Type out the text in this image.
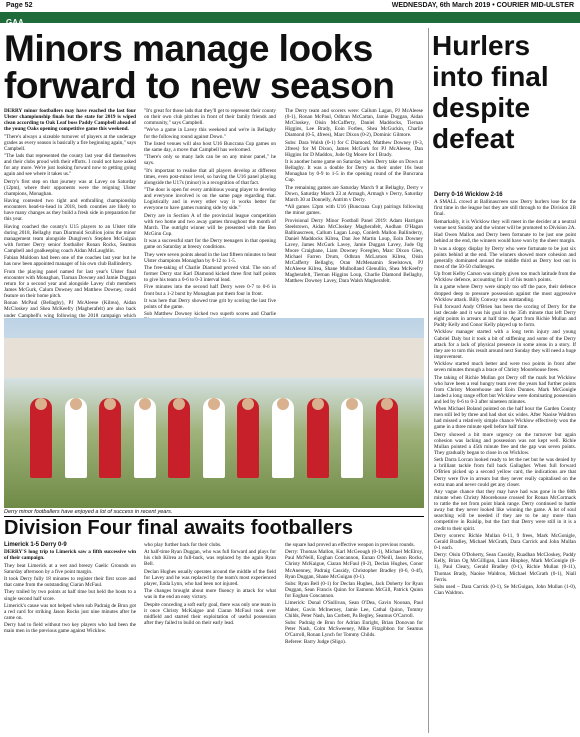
Page 52	WEDNESDAY, 6th March 2019 • COURIER MID-ULSTER
GAA
Minors manage looks forward to new season

DERRY minor footballers may have reached the last four Ulster championship finals but the state for 2019 is wiped clean according to Oak Leaf boss Paddy Campbell ahead of the young Oaks opening competitive game this weekend.

"There's always a sizeable turnover of players at the underage grades as every season is basically a fire beginning again," says Campbell.

"The lads that represented the county last year did themselves and their clubs proud with their efforts. I could not have asked for any more. We're just looking forward now to getting going again and see where it takes us."

Derry's first step on that journey was at Lavey on Saturday (12pm), where their opponents were the reigning Ulster champions, Monaghan.

Having contested two tight and enthralling championship encounters head-to-head in 2018, both counties are likely to have many changes as they build a fresh side in preparation for this year.

Having coached the county's U15 players to an Ulster title during 2018, Bellaghy man Diarmuid Scullion joins the minor management team alongside Dungiven's Stephen McGuigan with former Derry senior footballer Ronan Rocks, Seamus Campbell and goalkeeping coach Aidan McLaughlin.

Fabian Muldoon had been one of the coaches last year but he has now been appointed manager of his own club Ballinderry.

From the playing panel named for last year's Ulster final encounter with Monaghan, Tiarnan Downey and Jamie Duggan return for a second year and alongside Lavey club members James McGurk, Calum Downey and Matthew Downey, could feature on their home pitch.

Ronan McPaul (Bellaghy), PJ McAleese (Kilrea), Aidan McCloskey and Shea McKeefry (Magherafelt) are also back under Campbell's wing following the 2018 campaign which

"It's great for those lads that they'll get to represent their county on their own club pitches in front of their family friends and community," says Campbell.

"We've a game in Lavey this weekend and we're in Bellaghy for the following round against Down."

The listed venues will also host U16 Buncrana Cup games on the same day, a move that Campbell has welcomed.

"There's only so many lads can be on any minor panel," he says.

"It's important to realise that all players develop at different times, even post-minor level, so having the U16 panel playing alongside the U17s (minor) is a recognition of that fact.

"The door is open for every ambitious young player to develop and everyone involved is on the same page regarding that. Logistically and in every other way it works better for everyone to have games running side by side."

Derry are in Section A of the provincial league competition with two home and two away games throughout the month of March. The outright winner will be presented with the Ben McGinn Cup.

It was a successful start for the Derry teenagers in that opening game on Saturday at breezy conditions.

They were seven points ahead in the last fifteen minutes to beat Ulster champions Monaghan by 0-12 to 1-5.

The free-taking of Charlie Diamond proved vital. The son of former Derry star Karl Diamond kicked three first half points to give his team a 0-6 to 0-3 interval lead.

Five minutes into the second half Derry were 0-7 to 0-6 in front but a 1-2 burst by Monaghan put them four in front.

It was here that Derry showed true grit by scoring the last five points of the game.

Sub Matthew Downey kicked two superb scores and Charlie

The Derry team and scorers were: Callum Lagan, PJ McAleese (0-1), Ronan McPaul, Odhran McCartan, Jamie Duggan, Aidan McCloskey, Oisin McCafferty, Daniel Maddocks, Tiernan Higgins, Lee Brady, Eoin Forbes, Shea McGuckin, Charlie Diamond (0-5, 4frees), Marc Dixon (0-2), Dominic Gilmore.

Subs: Dara Walsh (0-1) for C Diamond, Matthew Downey (0-3, 2frees) for M Dixon, James McGurk for PJ McAleese, Dan Higgins for D Maddox, Jude Og Moore for I Brady.

It is another home game on Saturday when Derry take on Down at Bellaghy. It was a double for Derry as their under 16s beat Monaghan by 0-9 to 1-5 in the opening round of the Buncrana Cup.

The remaining games are Saturday March 9 at Bellaghy, Derry v Down, Saturday March 23 at Armagh, Armagh v Derry, Saturday March 30 at Donnelly, Antrim v Derry.

*All games 12pm with U16 (Buncrana Cup) pairings following the minor games.

Provisional Derry Minor Football Panel 2019: Adam Harrigan Steelstown, Aidan McCloskey Magherafelt, Aodhan O'Hagan Ballinascreen, Callum Lagan Loup, Conleth Mallon Ballinderry, Daniel Maddocks Kilrea, Dan Joe Martin Loup, Eoin Downey Lavey, James McGurk Lavey, Jamie Duggan Lavey, Jude Og Moore Craigbane, Liam Downey Foreglen, Marc Dixon Glen, Michael Farren Drum, Odhran McLarnon Kilrea, Oisin McCafferty Bellaghy, Oran McMenamin Steelstown, PJ McAleese Kilrea, Shane Mulholland Glenullin, Shea McKeefry Magherafelt, Tiernan Higgins Loup, Charlie Diamond Bellaghy, Matthew Downey Lavey, Dara Walsh Magherafelt.

Derry minor footballers have enjoyed a lot of success in recent years.
Division Four final awaits footballers

Limerick 1-5 Derry 0-9

DERRY'S long trip to Limerick saw a fifth successive win of their campaign.

They beat Limerick at a wet and breezy Gaelic Grounds on Saturday afternoon by a five point margin.

It took Derry fully 18 minutes to register their first score and that came from the outstanding Ciaran McFaul.

They trailed by two points at half time but held the hosts to a single second half score.

Limerick's cause was not helped when sub Padraig de Brun got a red card for striking Jason Rocks just nine minutes after he came on.

Derry had to field without two key players who had been the main men in the previous game against Wicklow.

who play further back for their clubs.

At half-time Ryan Duggan, who was full forward and plays for his club Kilrea at full-back, was replaced by the again Ryan Bell.

Declan Hughes usually operates around the middle of the field for Lavey and he was replaced by the team's most experienced player, Enda Lynn, who had been not injured.

The changes brought about more fluency in attack for what was in the end an easy victory.

Despite conceding a soft early goal, there was only one team in it once Christy McKaigue and Ciaran McFaul took over midfield and started their exploitation of useful possession after they failed to build on their early lead.

the square had proved an effective weapon in previous rounds.

Derry: Thomas Mallon, Karl McGeough (0-1), Michael McElroy, Paul McNeill, Eoghan Concannon, Eunan O'Neill, Jason Rocks, Christy McKaigue, Ciaran McFaul (0-2), Declan Hughes, Conor McAnenney, Padraig Cassidy, Christopher Bradley (0-6, 0-4f), Ryan Duggan, Shane McGuigan (0-1).

Subs: Ryan Bell (0-1) for Declan Hughes, Jack Doherty for Ryan Duggan, Sean Francis Quinn for Eamonn McGill, Patrick Quinn for Eoghan Concannon.

Limerick: Donal O'Sullivan, Sean O'Dea, Gavin Noonan, Paul Maher, Gavin McInerney, Jamie Lee, Cathal Quinn, Tommy Childs, Peter Nash, Ian Corbett, Pa Begley, Seamus O'Carroll.

Subs: Padraig de Brun for Adrian Enright, Brian Donovan for Peter Nash, Colm McSweeney, Mike Fitzgibbon for Seamus O'Carroll, Ronan Lynch for Tommy Childs.

Referee: Barry Judge (Sligo).

Hurlers into final despite defeat

Derry 0-16 Wicklow 2-16

A SMALL crowd at Ballinascreen saw Derry hurlers lose for the first time in the league but they are still through to the Division 2B final.

Remarkably, it is Wicklow they will meet in the decider at a neutral venue next Sunday and the winner will be promoted to Division 2A.

Had Owen Mallon and Derry been fortunate to be just one point behind at the end, the winners would have won by the sheer margin.

It was a sloppy display by Derry who were fortunate to be just six points behind at the end. The winners showed more cohesion and generally dominated around the middle third as Derry lost out in most of the 50-50 challenges.

Up front Kelby Carson was simply given too much latitude from the Wicklow defence, accounting for 11 of his team's points.

In a game where Derry were simply too off the pace, their defence dropped deep to pressure possession against the most aggressive Wicklow attack. Billy Conway was outstanding.

Full forward Andy O'Brien has been the scoring of Derry for the last decade and it was his goal in the 35th minute that left Derry eight points in arrears at half time. Apart from Richie Mullan and Paddy Kelly and Conor Kelly played up to form.

Wicklow manager started with a long term injury and young Gabriel Daly but it took a bit of stiffening and some of the Derry attack for a lack of physical presence in some areas in a story. If they are to turn this result around next Sunday they will need a huge improvement.

Wicklow started much better and were two points in front after seven minutes through a brace of Christy Moorehouse frees.

The taking of Richie Mullan got Derry off the mark but Wicklow who have been a real hungry team over the years had further points from Christy Moorehouse and Eoin Dunnes. Mark McGonigle landed a long range effort but Wicklow were dominating possession and led by 0-6 to 0-3 after nineteen minutes.

When Michael Boland pointed on the half hour the Garden County men still led by three and had shot six wides. After Naoise Waldron had missed a relatively simple chance Wicklow effectively won the game in a three minute spell before half time.

Derry showed a bit more urgency on the turnover but again cohesion was lacking and possession was not kept well. Richie Mullan pointed a 45th minute free and the gap was seven points. They gradually began to close in on Wicklow.

Seth Darra Lorcan looked ready to let the net but he was denied by a brilliant tackle from full back Gallagher. When full forward O'Brien picked up a second yellow card, the indications are that Derry were five in arrears but they never really capitalised on the extra man and never could get any closer.

Any vague chance that they may have had was gone in the 68th minute when Christy Moorehouse crossed for Ronan McCormack to rattle the net from point blank range. Derry continued to battle away but they never looked like winning the game. A lot of soul searching will be needed if they are to be any more than competitive in Ruislip, but the fact that Derry were still in it is a credit to their spirit.

Derry scorers: Richie Mullan 0-11, 9 frees, Mark McGonigle, Gerald Bradley, Michael McGrath, Dara Carrick and John Mullan 0-1 each.

Derry: Oisin O'Doherty, Sean Cassidy, Ruadhan McCloskey, Paddy Kelly, Brian Og McGilligan, Liam Hinphey, Mark McGonigle (0-1), Paul Cleary, Gerald Bradley (0-1), Richie Mullan (0-11), Thomas Brady, Naoise Waldron, Michael McGrath (0-1), Niall Ferris.

Subs used – Dara Carrick (0-1), Se McGuigan, John Mullan (1-0), Cian Waldron.
